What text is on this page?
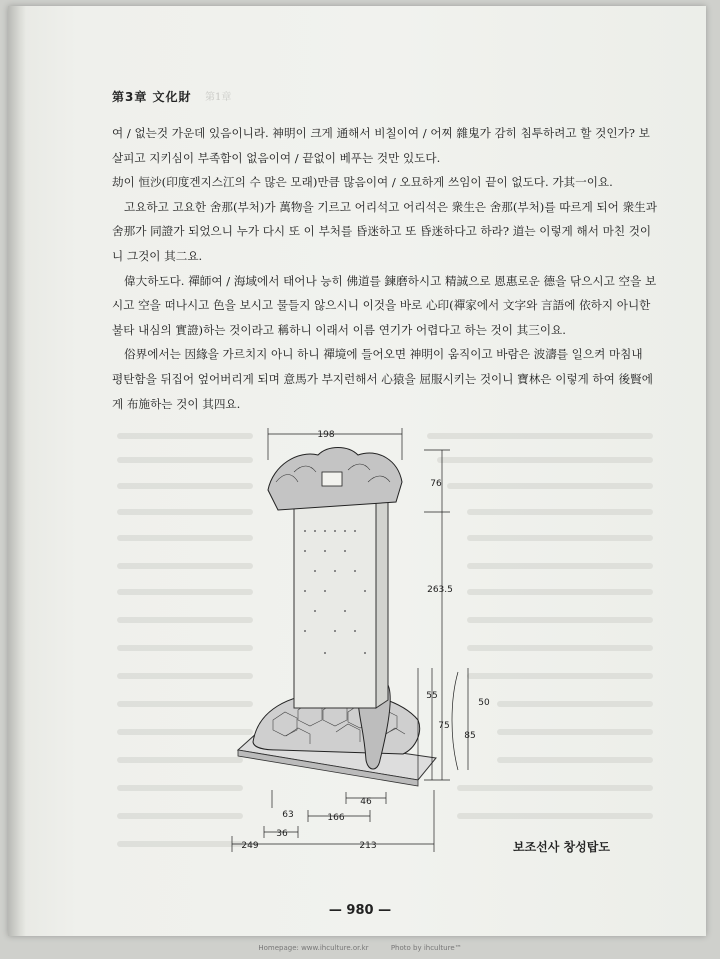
第3章 文化財 第1章

여 / 없는것 가운데 있음이니라. 神明이 크게 通해서 비칠이여 / 어찌 雜鬼가 감히 침투하려고 할 것인가? 보살피고 지키심이 부족함이 없음이여 / 끝없이 베푸는 것만 있도다.

劫이 恒沙(印度겐지스江의 수 많은 모래)만큼 많음이여 / 오묘하게 쓰임이 끝이 없도다. 가其一이요.

고요하고 고요한 舍那(부처)가 萬物을 기르고 어리석고 어리석은 衆生은 舍那(부처)를 따르게 되어 衆生과 舍那가 同證가 되었으니 누가 다시 또 이 부처를 昏迷하고 또 昏迷하다고 하라? 道는 이렇게 해서 마친 것이니 그것이 其二요.

偉大하도다. 禪師여 / 海域에서 태어나 능히 佛道를 鍊磨하시고 精誠으로 恩惠로운 德을 닦으시고 空을 보시고 空을 떠나시고 色을 보시고 물들지 않으시니 이것을 바로 心印(禪家에서 文字와 言語에 依하지 아니한 불타 내심의 實證)하는 것이라고 稱하니 이래서 이름 연기가 어렵다고 하는 것이 其三이요.

俗界에서는 因緣을 가르치지 아니 하니 禪境에 들어오면 神明이 움직이고 바람은 波濤를 일으켜 마침내 평탄함을 뒤집어 엎어버리게 되며 意馬가 부지런해서 心猿을 屈服시키는 것이니 寶林은 이렇게 하여 後賢에게 布施하는 것이 其四요.

198
76
263.5
55
75
50
85
46
166
63
36
249	213	보조선사 창성탑도
— 980 —
Homepage: www.ihculture.or.kr	Photo by ihculture™
